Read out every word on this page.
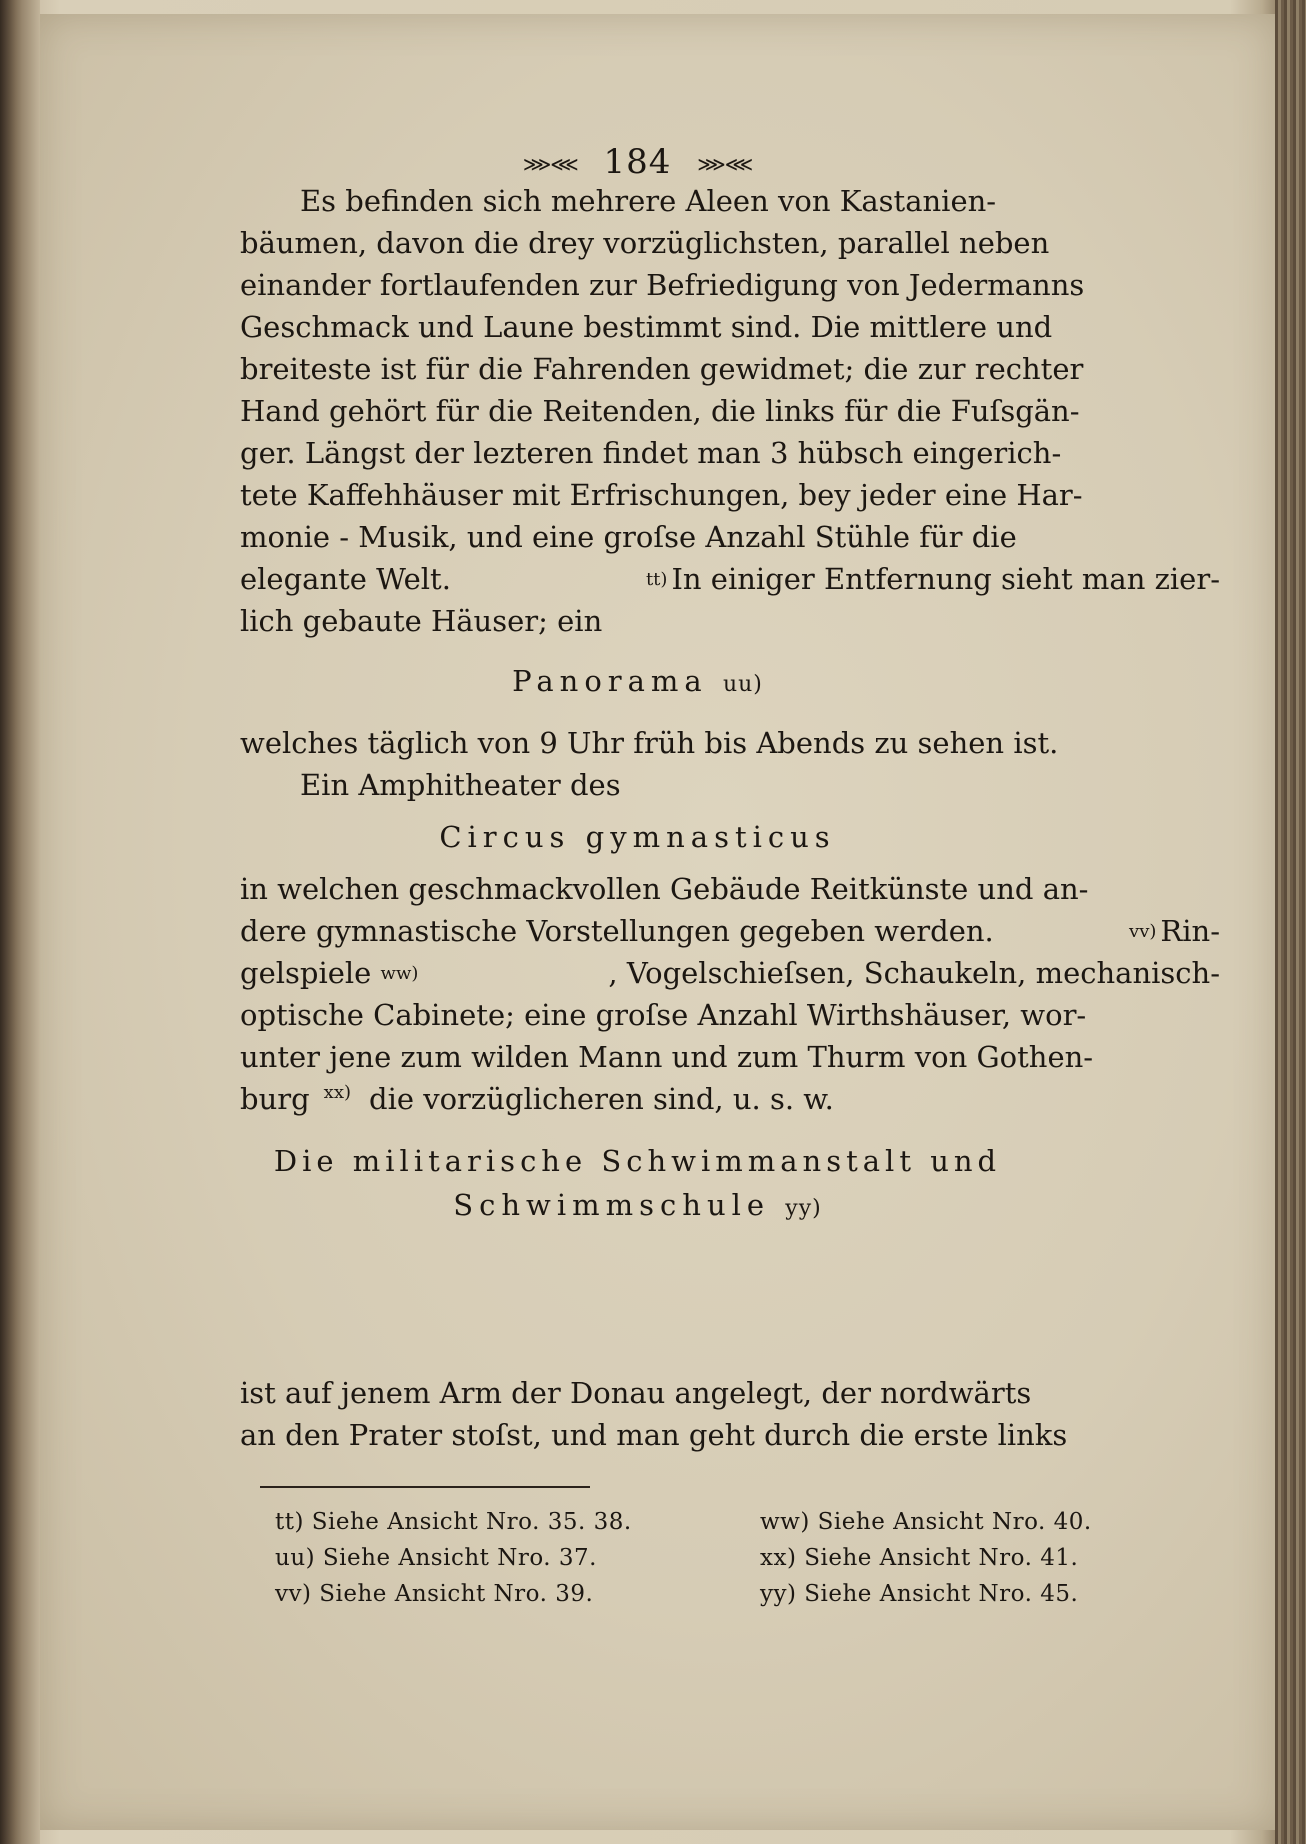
⋙⋘ 184 ⋙⋘
Es befinden sich mehrere Aleen von Kastanien-
bäumen, davon die drey vorzüglichsten, parallel neben
einander fortlaufenden zur Befriedigung von Jedermanns
Geschmack und Laune bestimmt sind. Die mittlere und
breiteste ist für die Fahrenden gewidmet; die zur rechter
Hand gehört für die Reitenden, die links für die Fuſsgän-
ger. Längst der lezteren findet man 3 hübsch eingerich-
tete Kaffehhäuser mit Erfrischungen, bey jeder eine Har-
monie - Musik, und eine groſse Anzahl Stühle für die
elegante Welt.	$^{tt)}$ In einiger Entfernung sieht man zier-
lich gebaute Häuser; ein
Panorama uu)
welches täglich von 9 Uhr früh bis Abends zu sehen ist.
Ein Amphitheater des
Circus gymnasticus
in welchen geschmackvollen Gebäude Reitkünste und an-
dere gymnastische Vorstellungen gegeben werden.	$^{vv)}$ Rin-
gelspiele $^{ww)}$	, Vogelschieſsen, Schaukeln, mechanisch-
optische Cabinete; eine groſse Anzahl Wirthshäuser, wor-
unter jene zum wilden Mann und zum Thurm von Gothen-
burg xx) die vorzüglicheren sind, u. s. w.
Die militarische Schwimmanstalt und
Schwimmschule yy)
ist auf jenem Arm der Donau angelegt, der nordwärts
an den Prater stoſst, und man geht durch die erste links
tt) Siehe Ansicht Nro. 35. 38.
uu) Siehe Ansicht Nro. 37.
vv) Siehe Ansicht Nro. 39.
ww) Siehe Ansicht Nro. 40.
xx) Siehe Ansicht Nro. 41.
yy) Siehe Ansicht Nro. 45.
